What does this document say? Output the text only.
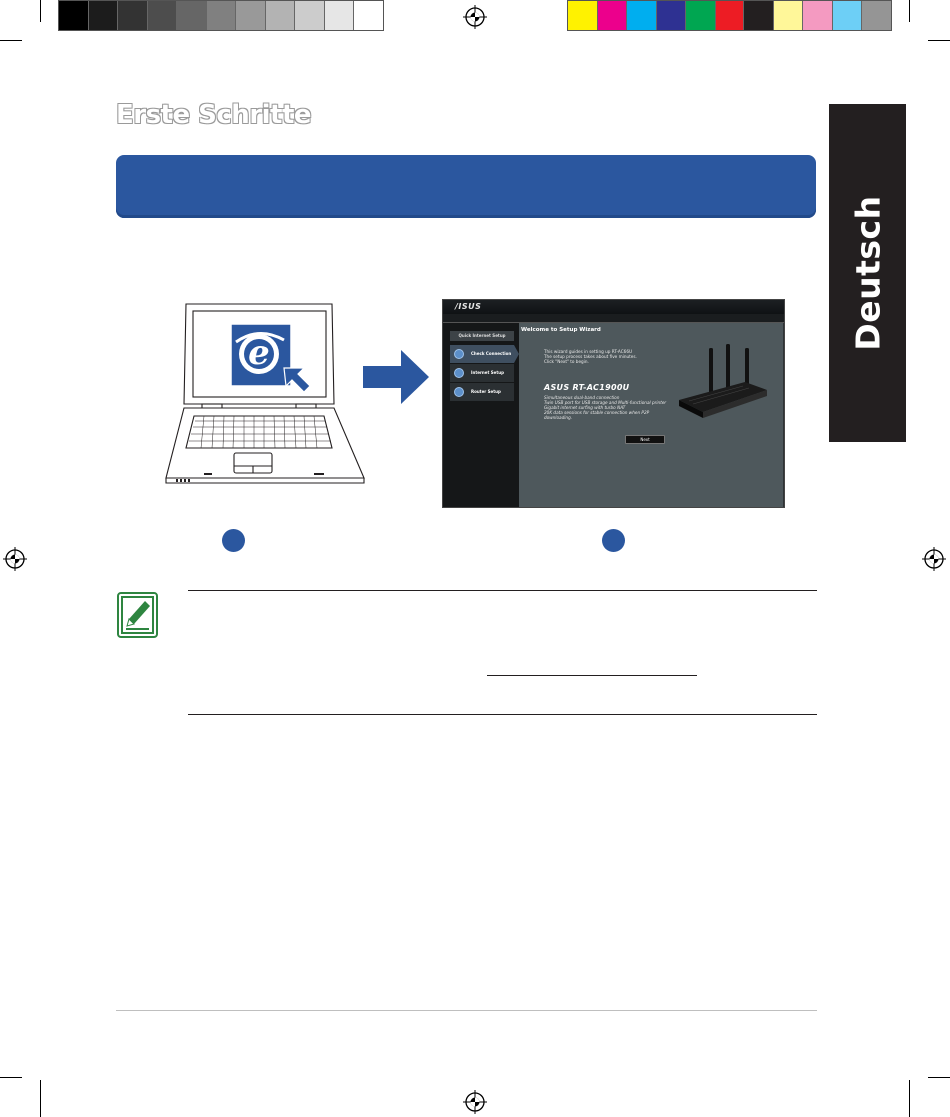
Erste Schritte
Deutsch
e
/ISUS
Quick Internet Setup
Check Connection
Internet Setup
Router Setup
Welcome to Setup Wizard
This wizard guides in setting up RT-AC66U
The setup process takes about five minutes.
Click "Next" to begin.
ASUS RT-AC1900U
Simultaneous dual-band connection
Twin USB port for USB storage and Multi-functional printer
Gigabit internet surfing with turbo NAT
20K data sessions for stable connection when P2P
downloading.
Next
